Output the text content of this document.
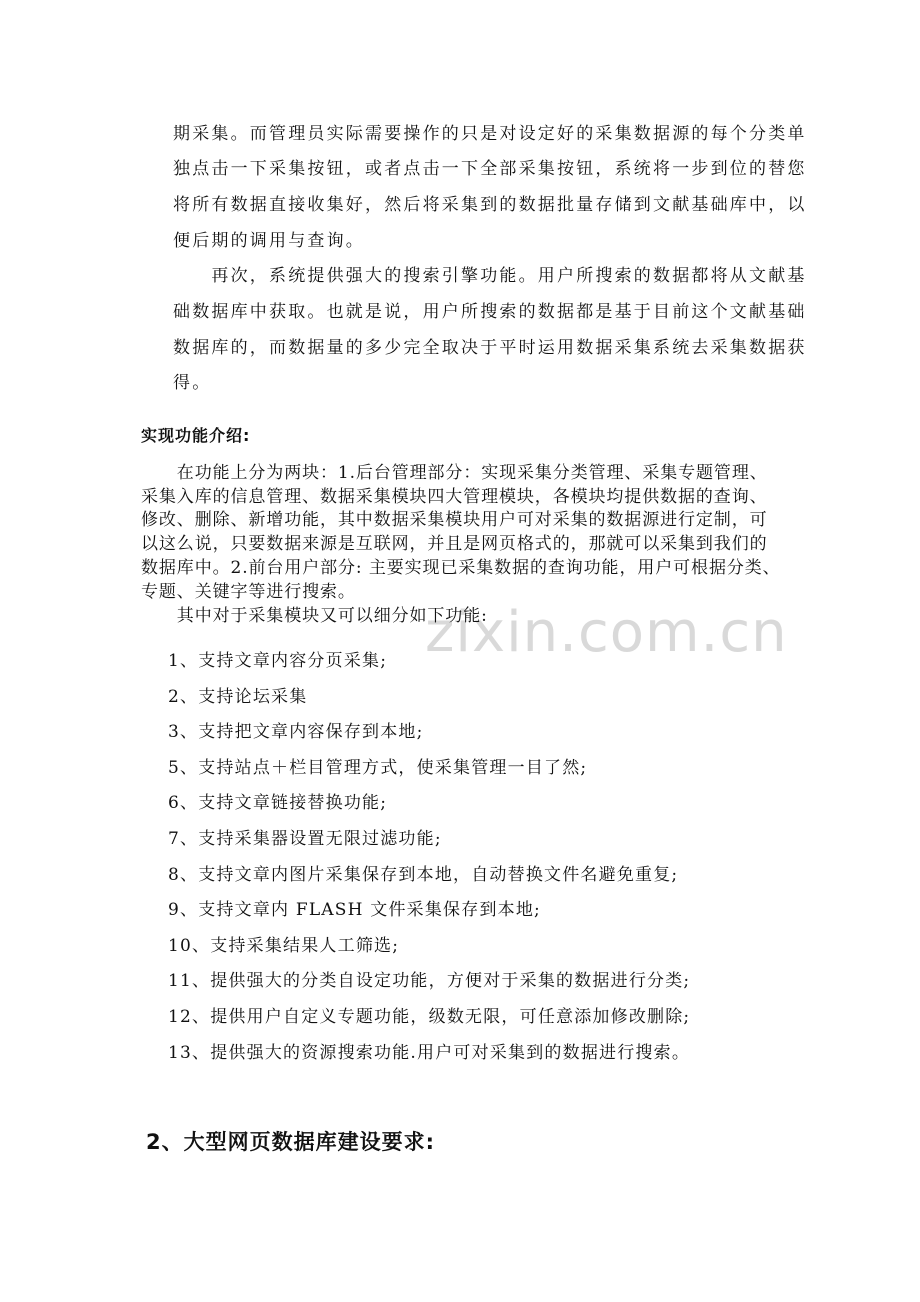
zixin.com.cn
期采集。而管理员实际需要操作的只是对设定好的采集数据源的每个分类单
独点击一下采集按钮，或者点击一下全部采集按钮，系统将一步到位的替您
将所有数据直接收集好，然后将采集到的数据批量存储到文献基础库中，以
便后期的调用与查询。
　　再次，系统提供强大的搜索引擎功能。用户所搜索的数据都将从文献基
础数据库中获取。也就是说，用户所搜索的数据都是基于目前这个文献基础
数据库的，而数据量的多少完全取决于平时运用数据采集系统去采集数据获
得。
实现功能介绍:
　　在功能上分为两块：1.后台管理部分：实现采集分类管理、采集专题管理、
采集入库的信息管理、数据采集模块四大管理模块，各模块均提供数据的查询、
修改、删除、新增功能，其中数据采集模块用户可对采集的数据源进行定制，可
以这么说，只要数据来源是互联网，并且是网页格式的，那就可以采集到我们的
数据库中。2.前台用户部分: 主要实现已采集数据的查询功能，用户可根据分类、
专题、关键字等进行搜索。
　　其中对于采集模块又可以细分如下功能:
1、支持文章内容分页采集;
2、支持论坛采集
3、支持把文章内容保存到本地;
5、支持站点＋栏目管理方式，使采集管理一目了然;
6、支持文章链接替换功能;
7、支持采集器设置无限过滤功能;
8、支持文章内图片采集保存到本地，自动替换文件名避免重复;
9、支持文章内 FLASH 文件采集保存到本地;
10、支持采集结果人工筛选;
11、提供强大的分类自设定功能，方便对于采集的数据进行分类;
12、提供用户自定义专题功能，级数无限，可任意添加修改删除;
13、提供强大的资源搜索功能.用户可对采集到的数据进行搜索。
2、大型网页数据库建设要求:
